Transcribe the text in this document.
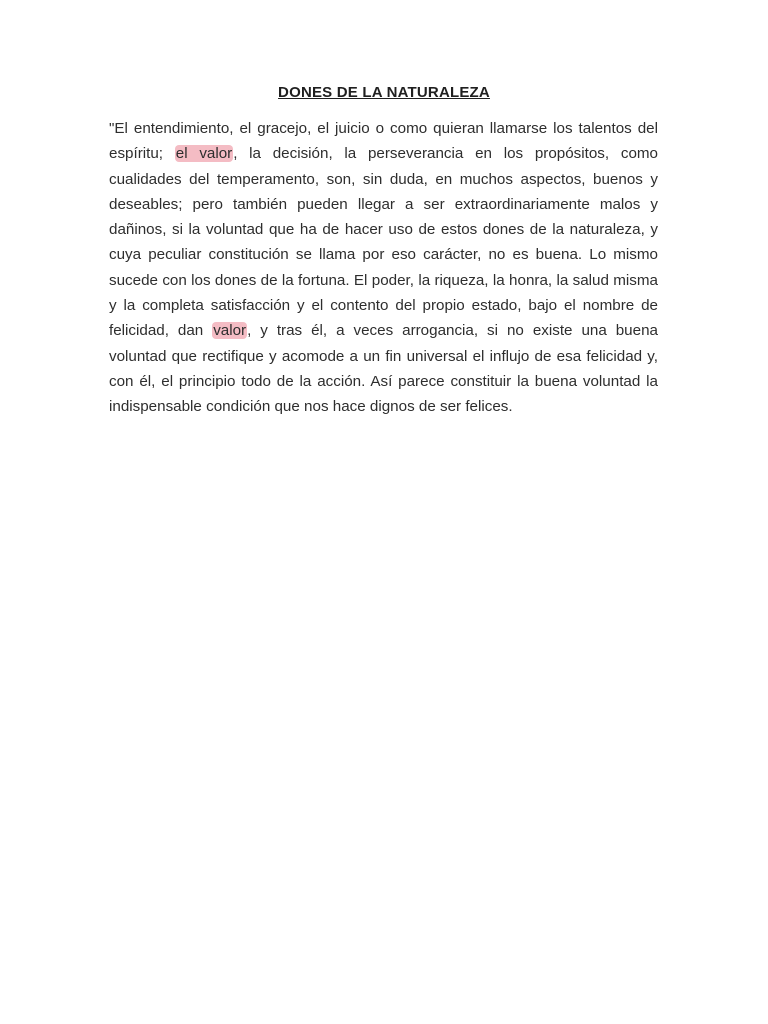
DONES DE LA NATURALEZA

"El entendimiento, el gracejo, el juicio o como quieran llamarse los talentos del espíritu; el valor, la decisión, la perseverancia en los propósitos, como cualidades del temperamento, son, sin duda, en muchos aspectos, buenos y deseables; pero también pueden llegar a ser extraordinariamente malos y dañinos, si la voluntad que ha de hacer uso de estos dones de la naturaleza, y cuya peculiar constitución se llama por eso carácter, no es buena. Lo mismo sucede con los dones de la fortuna. El poder, la riqueza, la honra, la salud misma y la completa satisfacción y el contento del propio estado, bajo el nombre de felicidad, dan valor, y tras él, a veces arrogancia, si no existe una buena voluntad que rectifique y acomode a un fin universal el influjo de esa felicidad y, con él, el principio todo de la acción. Así parece constituir la buena voluntad la indispensable condición que nos hace dignos de ser felices.
